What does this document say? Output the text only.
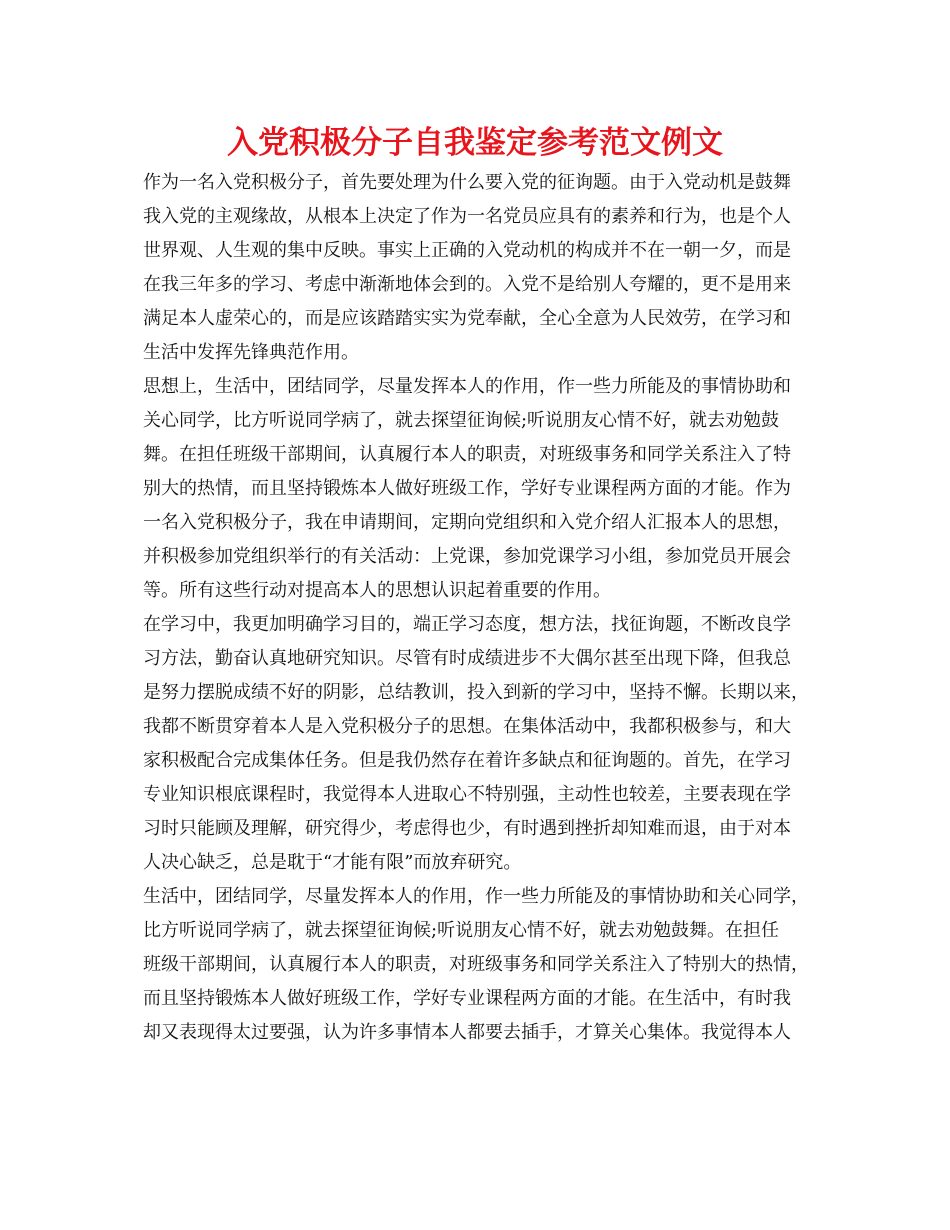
入党积极分子自我鉴定参考范文例文
作为一名入党积极分子，首先要处理为什么要入党的征询题。由于入党动机是鼓舞
我入党的主观缘故，从根本上决定了作为一名党员应具有的素养和行为，也是个人
世界观、人生观的集中反映。事实上正确的入党动机的构成并不在一朝一夕，而是
在我三年多的学习、考虑中渐渐地体会到的。入党不是给别人夸耀的，更不是用来
满足本人虚荣心的，而是应该踏踏实实为党奉献，全心全意为人民效劳，在学习和
生活中发挥先锋典范作用。
思想上，生活中，团结同学，尽量发挥本人的作用，作一些力所能及的事情协助和
关心同学，比方听说同学病了，就去探望征询候;听说朋友心情不好，就去劝勉鼓
舞。在担任班级干部期间，认真履行本人的职责，对班级事务和同学关系注入了特
别大的热情，而且坚持锻炼本人做好班级工作，学好专业课程两方面的才能。作为
一名入党积极分子，我在申请期间，定期向党组织和入党介绍人汇报本人的思想，
并积极参加党组织举行的有关活动：上党课，参加党课学习小组，参加党员开展会
等。所有这些行动对提高本人的思想认识起着重要的作用。
在学习中，我更加明确学习目的，端正学习态度，想方法，找征询题，不断改良学
习方法，勤奋认真地研究知识。尽管有时成绩进步不大偶尔甚至出现下降，但我总
是努力摆脱成绩不好的阴影，总结教训，投入到新的学习中，坚持不懈。长期以来，
我都不断贯穿着本人是入党积极分子的思想。在集体活动中，我都积极参与，和大
家积极配合完成集体任务。但是我仍然存在着许多缺点和征询题的。首先，在学习
专业知识根底课程时，我觉得本人进取心不特别强，主动性也较差，主要表现在学
习时只能顾及理解，研究得少，考虑得也少，有时遇到挫折却知难而退，由于对本
人决心缺乏，总是耽于“才能有限”而放弃研究。
生活中，团结同学，尽量发挥本人的作用，作一些力所能及的事情协助和关心同学，
比方听说同学病了，就去探望征询候;听说朋友心情不好，就去劝勉鼓舞。在担任
班级干部期间，认真履行本人的职责，对班级事务和同学关系注入了特别大的热情，
而且坚持锻炼本人做好班级工作，学好专业课程两方面的才能。在生活中，有时我
却又表现得太过要强，认为许多事情本人都要去插手，才算关心集体。我觉得本人
